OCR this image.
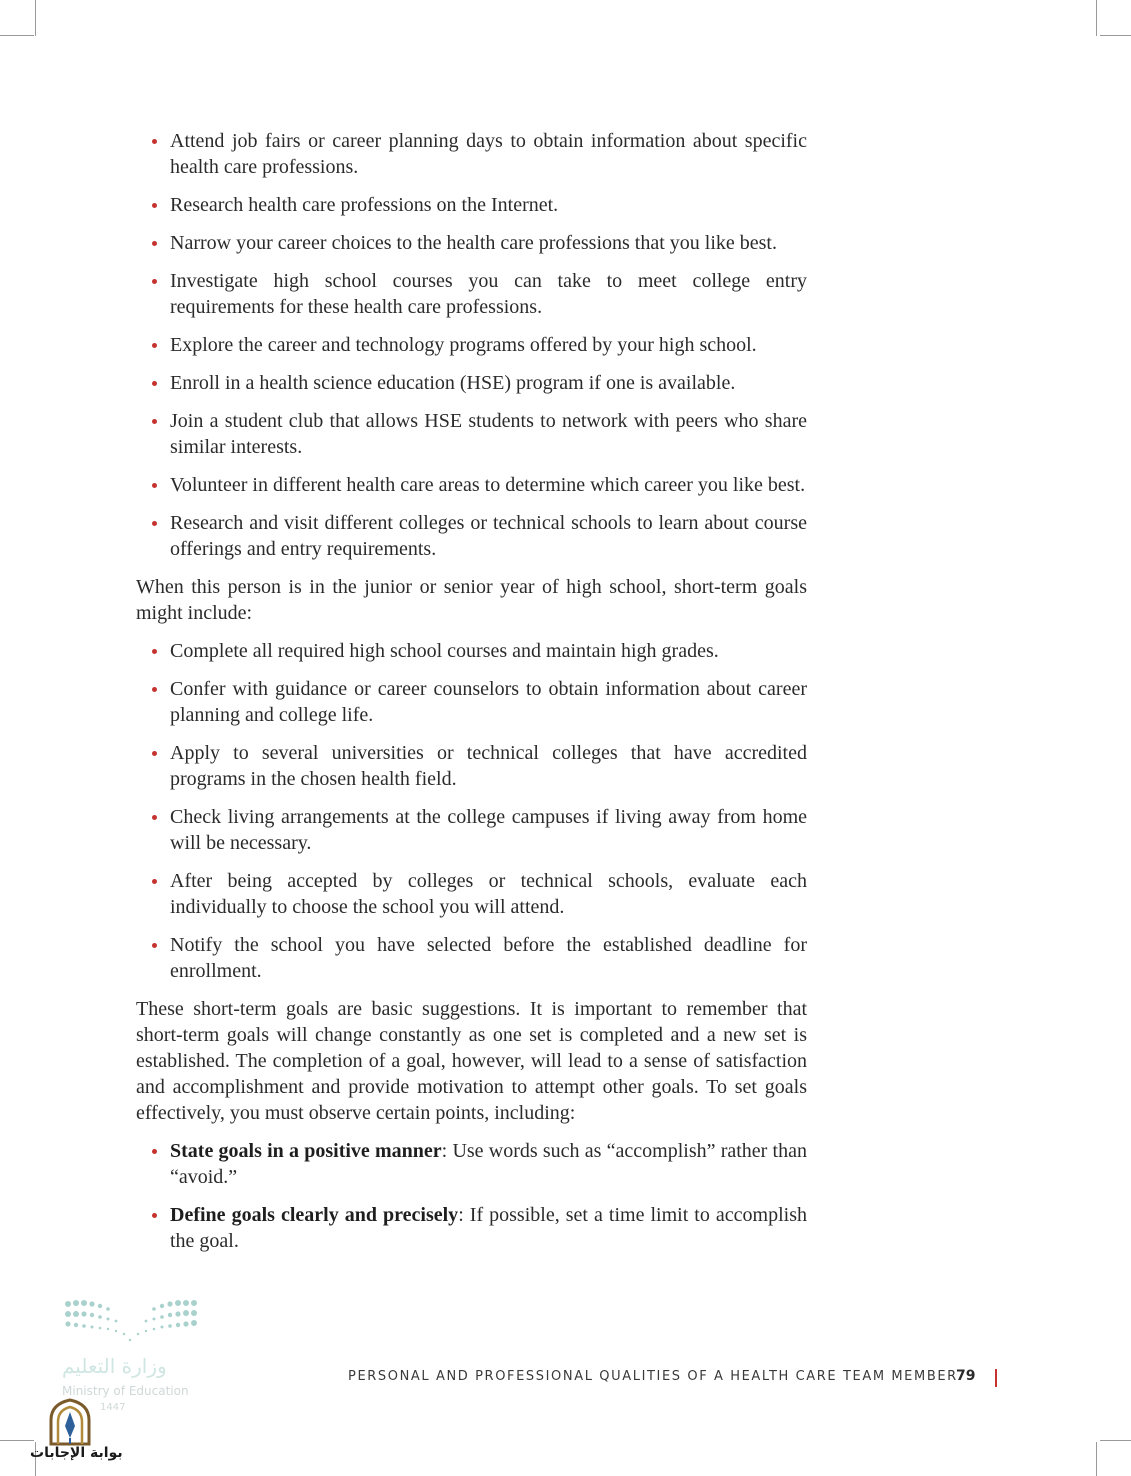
Attend job fairs or career planning days to obtain information about specific health care professions.
Research health care professions on the Internet.
Narrow your career choices to the health care professions that you like best.
Investigate high school courses you can take to meet college entry requirements for these health care professions.
Explore the career and technology programs offered by your high school.
Enroll in a health science education (HSE) program if one is available.
Join a student club that allows HSE students to network with peers who share similar interests.
Volunteer in different health care areas to determine which career you like best.
Research and visit different colleges or technical schools to learn about course offerings and entry requirements.

When this person is in the junior or senior year of high school, short-term goals might include:

Complete all required high school courses and maintain high grades.
Confer with guidance or career counselors to obtain information about career planning and college life.
Apply to several universities or technical colleges that have accredited programs in the chosen health field.
Check living arrangements at the college campuses if living away from home will be necessary.
After being accepted by colleges or technical schools, evaluate each individually to choose the school you will attend.
Notify the school you have selected before the established deadline for enrollment.

These short-term goals are basic suggestions. It is important to remember that short-term goals will change constantly as one set is completed and a new set is established. The completion of a goal, however, will lead to a sense of satisfaction and accomplishment and provide motivation to attempt other goals. To set goals effectively, you must observe certain points, including:

State goals in a positive manner: Use words such as “accomplish” rather than “avoid.”
Define goals clearly and precisely: If possible, set a time limit to accomplish the goal.
وزارة التعليم
Ministry of Education
1447
بوابة الإجابات
PERSONAL AND PROFESSIONAL QUALITIES OF A HEALTH CARE TEAM MEMBER
79
